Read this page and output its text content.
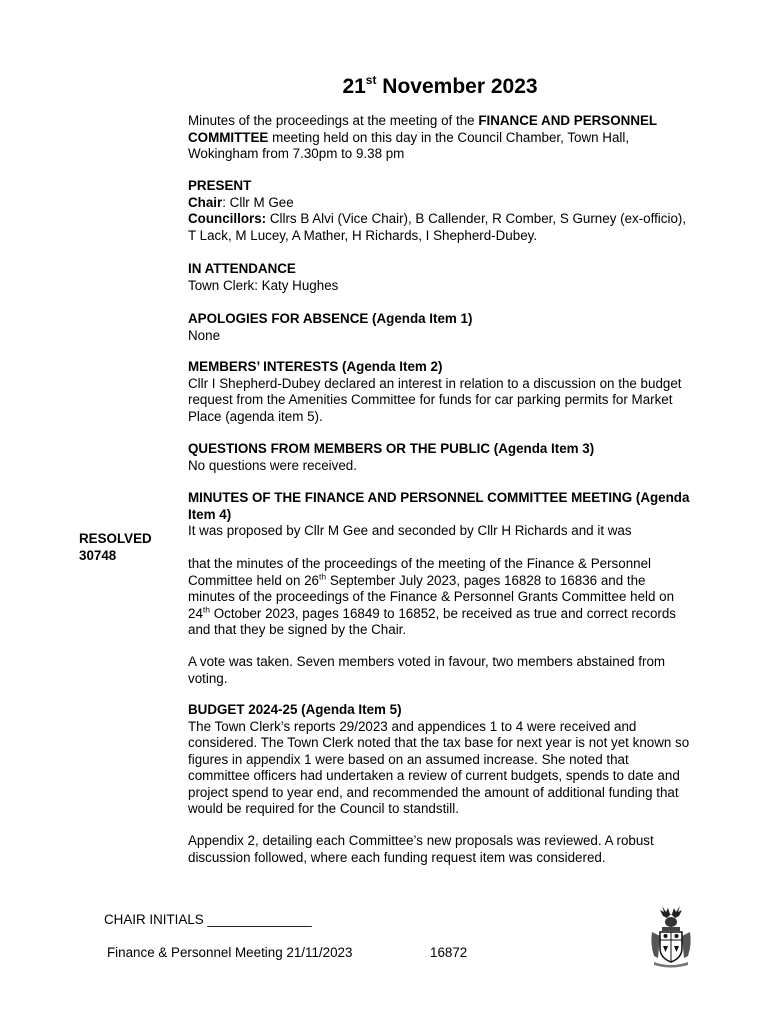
21st November 2023

Minutes of the proceedings at the meeting of the FINANCE AND PERSONNEL COMMITTEE meeting held on this day in the Council Chamber, Town Hall, Wokingham from 7.30pm to 9.38 pm

PRESENT

Chair: Cllr M Gee

Councillors: Cllrs B Alvi (Vice Chair), B Callender, R Comber, S Gurney (ex-officio), T Lack, M Lucey, A Mather, H Richards, I Shepherd-Dubey.

IN ATTENDANCE

Town Clerk: Katy Hughes

APOLOGIES FOR ABSENCE (Agenda Item 1)

None

MEMBERS’ INTERESTS (Agenda Item 2)

Cllr I Shepherd-Dubey declared an interest in relation to a discussion on the budget request from the Amenities Committee for funds for car parking permits for Market Place (agenda item 5).

QUESTIONS FROM MEMBERS OR THE PUBLIC (Agenda Item 3)

No questions were received.

MINUTES OF THE FINANCE AND PERSONNEL COMMITTEE MEETING (Agenda Item 4)

It was proposed by Cllr M Gee and seconded by Cllr H Richards and it was

RESOLVED
30748

that the minutes of the proceedings of the meeting of the Finance & Personnel Committee held on 26th September July 2023, pages 16828 to 16836 and the minutes of the proceedings of the Finance & Personnel Grants Committee held on 24th October 2023, pages 16849 to 16852, be received as true and correct records and that they be signed by the Chair.

A vote was taken. Seven members voted in favour, two members abstained from voting.

BUDGET 2024-25 (Agenda Item 5)

The Town Clerk’s reports 29/2023 and appendices 1 to 4 were received and considered. The Town Clerk noted that the tax base for next year is not yet known so figures in appendix 1 were based on an assumed increase. She noted that committee officers had undertaken a review of current budgets, spends to date and project spend to year end, and recommended the amount of additional funding that would be required for the Council to standstill.

Appendix 2, detailing each Committee’s new proposals was reviewed. A robust discussion followed, where each funding request item was considered.

CHAIR INITIALS ______________
Finance & Personnel Meeting 21/11/2023	16872
